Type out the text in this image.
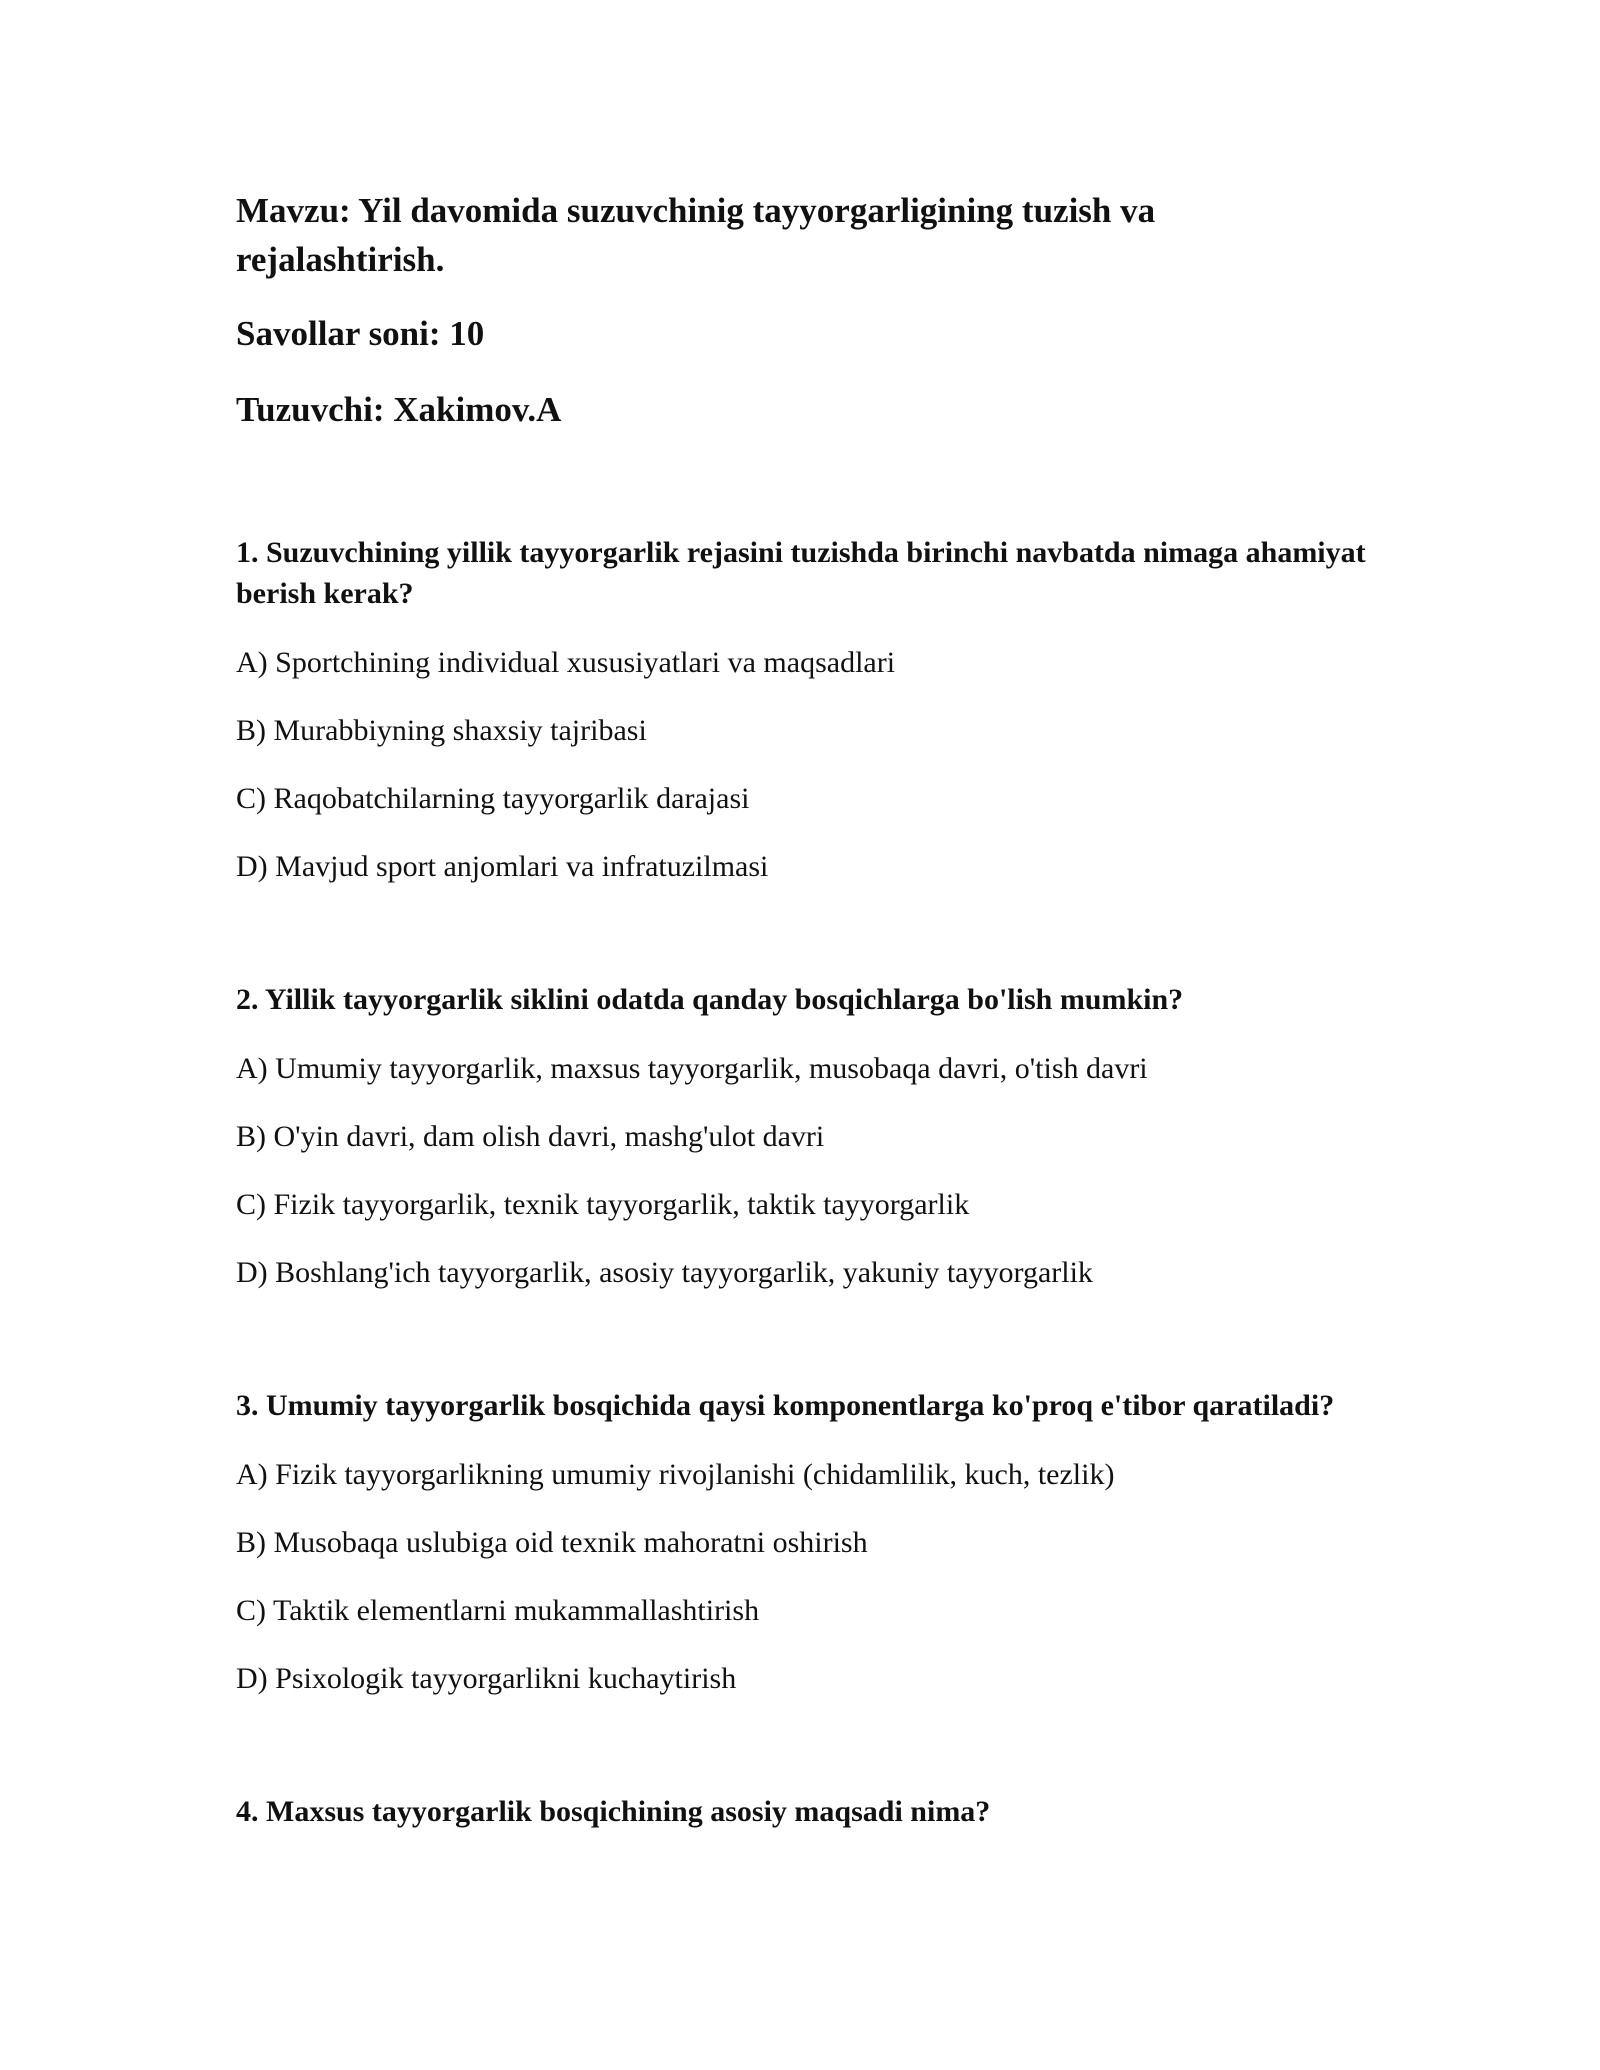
Mavzu: Yil davomida suzuvchinig tayyorgarligining tuzish va rejalashtirish.

Savollar soni: 10

Tuzuvchi: Xakimov.A

1. Suzuvchining yillik tayyorgarlik rejasini tuzishda birinchi navbatda nimaga ahamiyat berish kerak?

A) Sportchining individual xususiyatlari va maqsadlari

B) Murabbiyning shaxsiy tajribasi

C) Raqobatchilarning tayyorgarlik darajasi

D) Mavjud sport anjomlari va infratuzilmasi

2. Yillik tayyorgarlik siklini odatda qanday bosqichlarga bo'lish mumkin?

A) Umumiy tayyorgarlik, maxsus tayyorgarlik, musobaqa davri, o'tish davri

B) O'yin davri, dam olish davri, mashg'ulot davri

C) Fizik tayyorgarlik, texnik tayyorgarlik, taktik tayyorgarlik

D) Boshlang'ich tayyorgarlik, asosiy tayyorgarlik, yakuniy tayyorgarlik

3. Umumiy tayyorgarlik bosqichida qaysi komponentlarga ko'proq e'tibor qaratiladi?

A) Fizik tayyorgarlikning umumiy rivojlanishi (chidamlilik, kuch, tezlik)

B) Musobaqa uslubiga oid texnik mahoratni oshirish

C) Taktik elementlarni mukammallashtirish

D) Psixologik tayyorgarlikni kuchaytirish

4. Maxsus tayyorgarlik bosqichining asosiy maqsadi nima?
